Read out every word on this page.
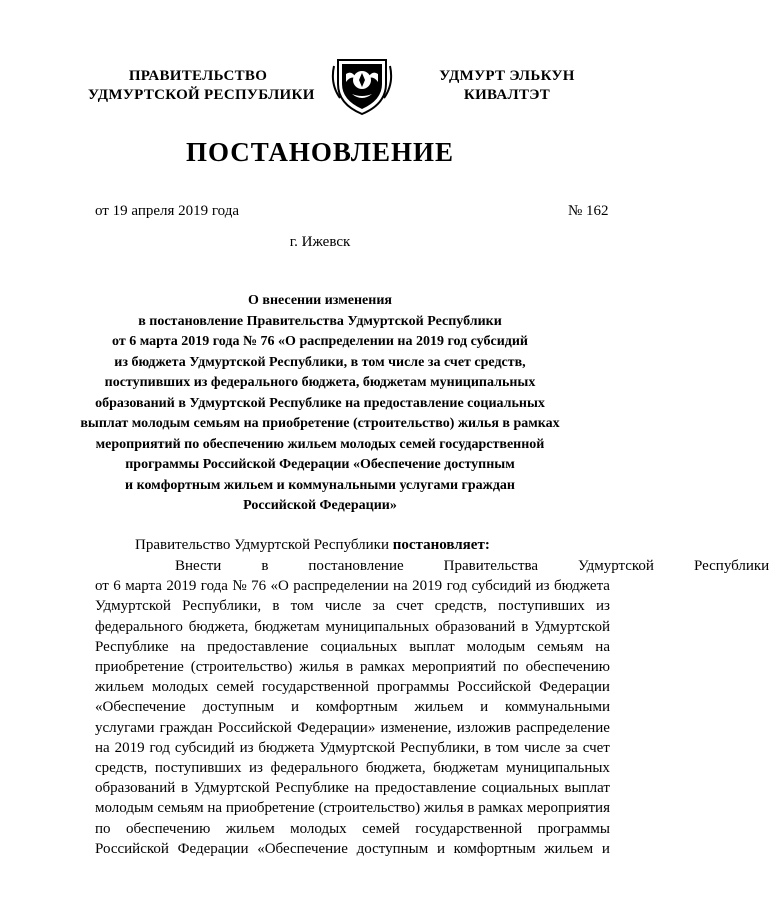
ПРАВИТЕЛЬСТВО
УДМУРТСКОЙ РЕСПУБЛИКИ
УДМУРТ ЭЛЬКУН
КИВАЛТЭТ
ПОСТАНОВЛЕНИЕ
от 19 апреля 2019 года	№ 162
г. Ижевск
О внесении изменения
в постановление Правительства Удмуртской Республики
от 6 марта 2019 года № 76 «О распределении на 2019 год субсидий
из бюджета Удмуртской Республики, в том числе за счет средств,
поступивших из федерального бюджета, бюджетам муниципальных
образований в Удмуртской Республике на предоставление социальных
выплат молодым семьям на приобретение (строительство) жилья в рамках
мероприятий по обеспечению жильем молодых семей государственной
программы Российской Федерации «Обеспечение доступным
и комфортным жильем и коммунальными услугами граждан
Российской Федерации»
Правительство Удмуртской Республики постановляет:
Внести	в	постановление	Правительства	Удмуртской	Республики
от 6 марта 2019 года № 76 «О распределении на 2019 год субсидий из бюджета
Удмуртской Республики, в том числе за счет средств, поступивших из
федерального бюджета, бюджетам муниципальных образований в Удмуртской
Республике на предоставление социальных выплат молодым семьям на
приобретение (строительство) жилья в рамках мероприятий по обеспечению
жильем молодых семей государственной программы Российской Федерации
«Обеспечение доступным и комфортным жильем и коммунальными
услугами граждан Российской Федерации» изменение, изложив распределение
на 2019 год субсидий из бюджета Удмуртской Республики, в том числе за счет
средств, поступивших из федерального бюджета, бюджетам муниципальных
образований в Удмуртской Республике на предоставление социальных выплат
молодым семьям на приобретение (строительство) жилья в рамках мероприятия
по обеспечению жильем молодых семей государственной программы
Российской Федерации «Обеспечение доступным и комфортным жильем и
